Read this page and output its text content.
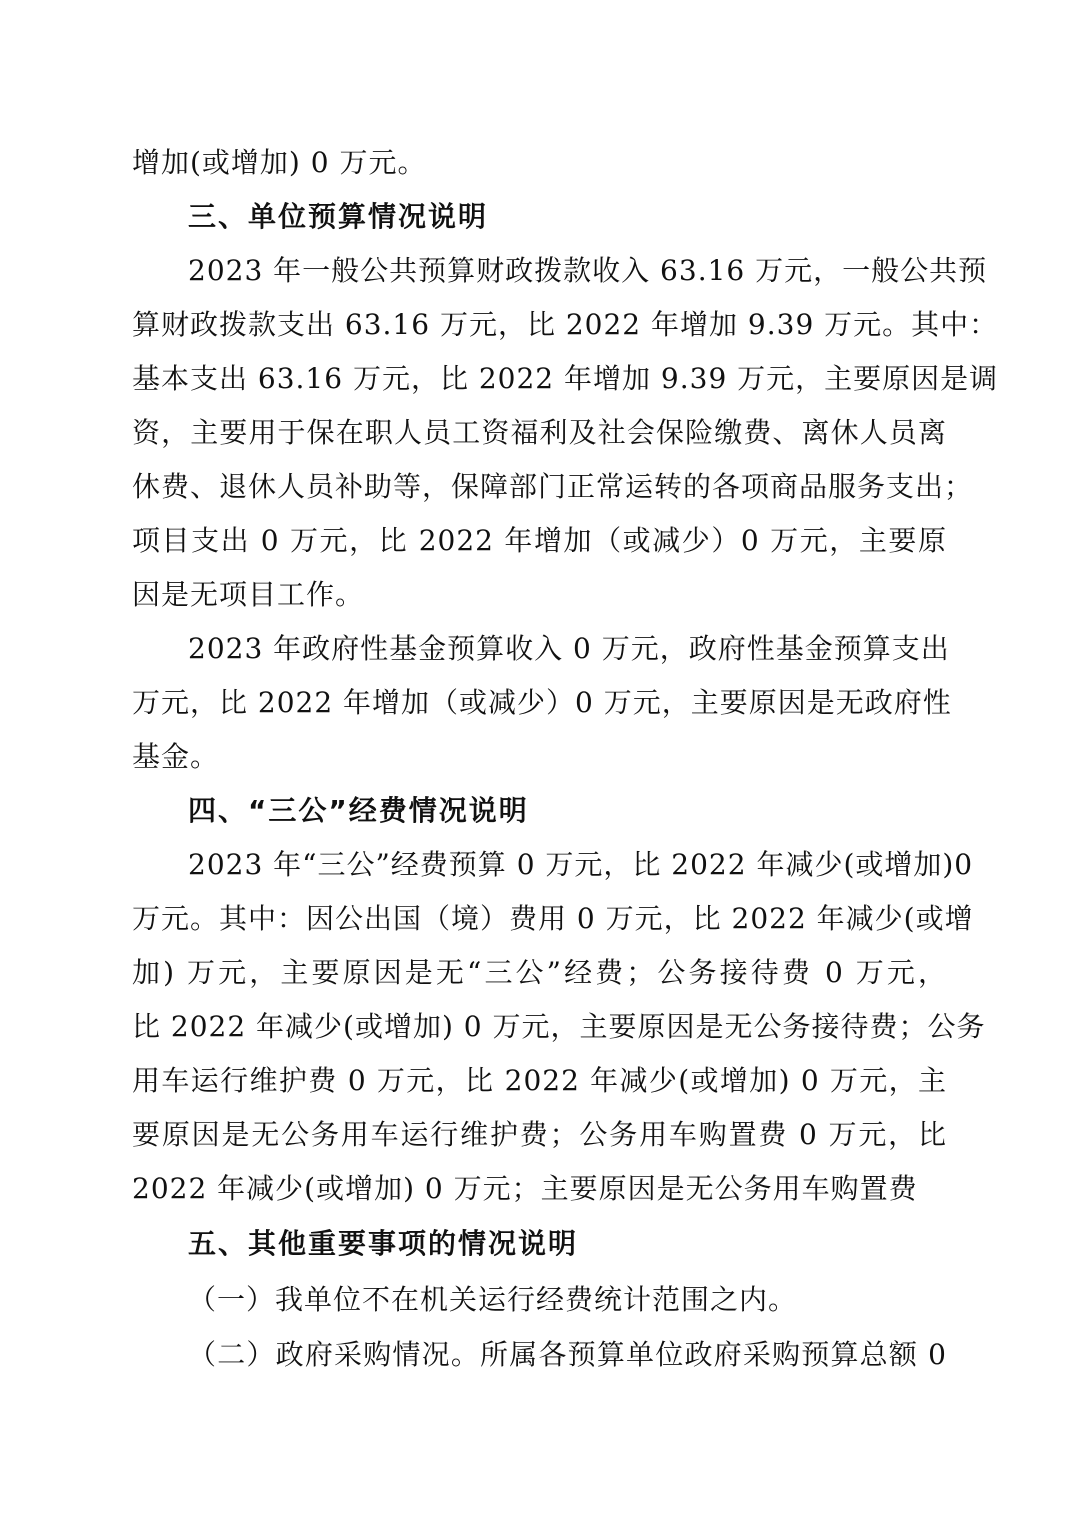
增加(或增加) 0 万元。
三、单位预算情况说明
2023 年一般公共预算财政拨款收入 63.16 万元，一般公共预
算财政拨款支出 63.16 万元，比 2022 年增加 9.39 万元。其中：
基本支出 63.16 万元，比 2022 年增加 9.39 万元，主要原因是调
资，主要用于保在职人员工资福利及社会保险缴费、离休人员离
休费、退休人员补助等，保障部门正常运转的各项商品服务支出；
项目支出 0 万元，比 2022 年增加（或减少）0 万元，主要原
因是无项目工作。
2023 年政府性基金预算收入 0 万元，政府性基金预算支出
万元，比 2022 年增加（或减少）0 万元，主要原因是无政府性
基金。
四、“三公”经费情况说明
2023 年“三公”经费预算 0 万元，比 2022 年减少(或增加)0
万元。其中：因公出国（境）费用 0 万元，比 2022 年减少(或增
加) 万元，主要原因是无“三公”经费；公务接待费 0 万元，
比 2022 年减少(或增加) 0 万元，主要原因是无公务接待费；公务
用车运行维护费 0 万元，比 2022 年减少(或增加) 0 万元，主
要原因是无公务用车运行维护费；公务用车购置费 0 万元，比
2022 年减少(或增加) 0 万元；主要原因是无公务用车购置费
五、其他重要事项的情况说明
（一）我单位不在机关运行经费统计范围之内。
（二）政府采购情况。所属各预算单位政府采购预算总额 0
